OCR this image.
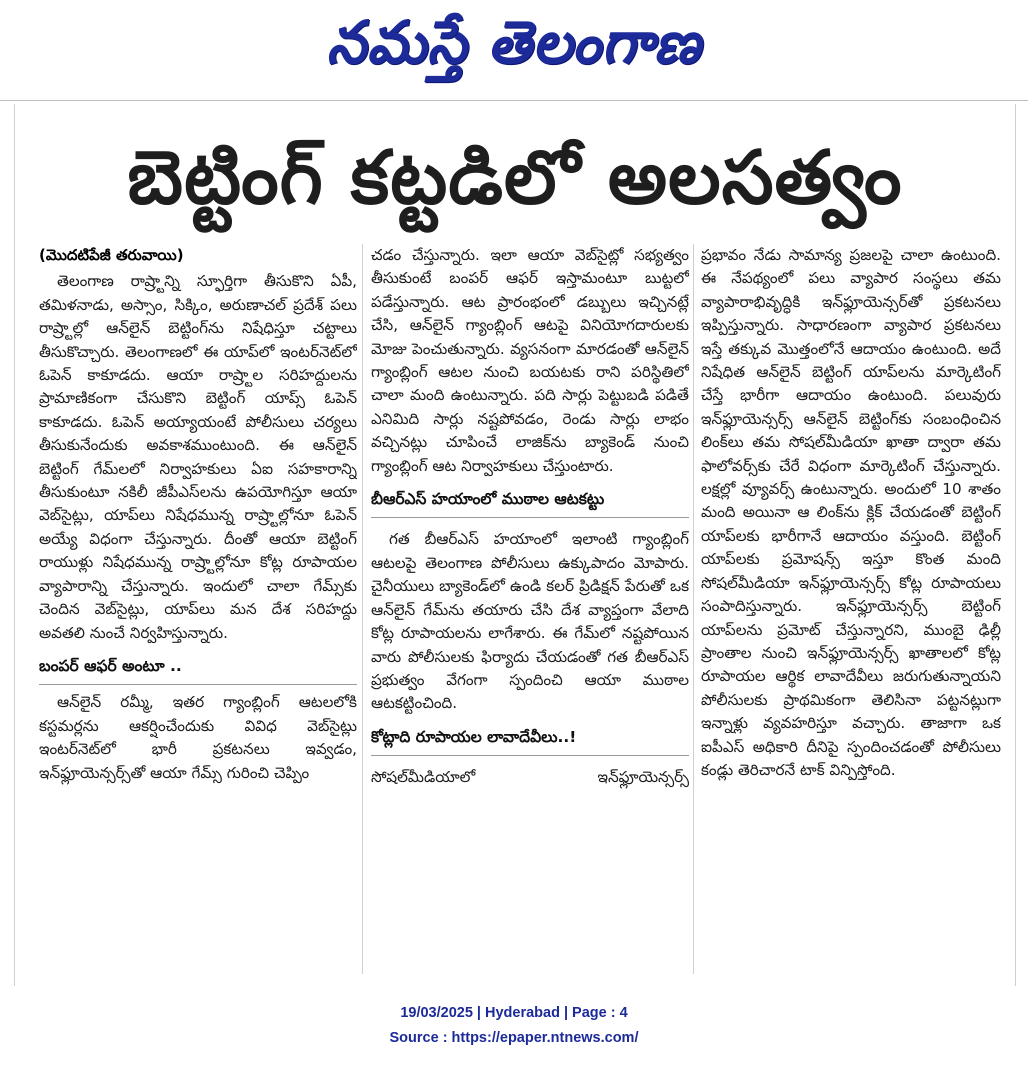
నమస్తే తెలంగాణ
బెట్టింగ్ కట్టడిలో అలసత్వం
(మొదటిపేజీ తరువాయి)

తెలంగాణ రాష్ర్టాన్ని స్ఫూర్తిగా తీసుకొని ఏపీ, తమిళనాడు, అస్సాం, సిక్కిం, అరుణాచల్ ప్రదేశ్ పలు రాష్ర్టాల్లో ఆన్‌లైన్ బెట్టింగ్‌ను నిషేధిస్తూ చట్టాలు తీసుకొచ్చారు. తెలంగాణలో ఈ యాప్‌లో ఇంటర్‌నెట్‌లో ఓపెన్ కాకూడదు. ఆయా రాష్ర్టాల సరిహద్దులను ప్రామాణికంగా చేసుకొని బెట్టింగ్ యాప్స్ ఓపెన్ కాకూడదు. ఓపెన్ అయ్యాయంటే పోలీసులు చర్యలు తీసుకునేందుకు అవకాశముంటుంది. ఈ ఆన్‌లైన్ బెట్టింగ్ గేమ్‌లలో నిర్వాహకులు ఏఐ సహకారాన్ని తీసుకుంటూ నకిలీ జీపీఎస్‌లను ఉపయోగిస్తూ ఆయా వెబ్‌సైట్లు, యాప్‌లు నిషేధమున్న రాష్ర్టాల్లోనూ ఓపెన్ అయ్యే విధంగా చేస్తున్నారు. దీంతో ఆయా బెట్టింగ్ రాయుళ్లు నిషేధమున్న రాష్ర్టాల్లోనూ కోట్ల రూపాయల వ్యాపారాన్ని చేస్తున్నారు. ఇందులో చాలా గేమ్స్‌కు చెందిన వెబ్‌సైట్లు, యాప్‌లు మన దేశ సరిహద్దు అవతలి నుంచే నిర్వహిస్తున్నారు.

బంపర్ ఆఫర్ అంటూ ..

ఆన్‌లైన్ రమ్మీ, ఇతర గ్యాంబ్లింగ్ ఆటలలోకి కస్టమర్లను ఆకర్షించేందుకు వివిధ వెబ్‌సైట్లు ఇంటర్‌నెట్‌లో భారీ ప్రకటనలు ఇవ్వడం, ఇన్‌ఫ్లూయెన్సర్స్‌తో ఆయా గేమ్స్ గురించి చెప్పిం

చడం చేస్తున్నారు. ఇలా ఆయా వెబ్‌సైట్లో సభ్యత్వం తీసుకుంటే బంపర్ ఆఫర్ ఇస్తామంటూ బుట్టలో పడేస్తున్నారు. ఆట ప్రారంభంలో డబ్బులు ఇచ్చినట్లే చేసి, ఆన్‌లైన్ గ్యాంబ్లింగ్ ఆటపై వినియోగదారులకు మోజు పెంచుతున్నారు. వ్యసనంగా మారడంతో ఆన్‌లైన్ గ్యాంబ్లింగ్ ఆటల నుంచి బయటకు రాని పరిస్థితిలో చాలా మంది ఉంటున్నారు. పది సార్లు పెట్టుబడి పడితే ఎనిమిది సార్లు నష్టపోవడం, రెండు సార్లు లాభం వచ్చినట్లు చూపించే లాజిక్‌ను బ్యాకెండ్ నుంచి గ్యాంబ్లింగ్ ఆట నిర్వాహకులు చేస్తుంటారు.

బీఆర్ఎస్ హయాంలో ముఠాల ఆటకట్టు

గత బీఆర్ఎస్ హయాంలో ఇలాంటి గ్యాంబ్లింగ్ ఆటలపై తెలంగాణ పోలీసులు ఉక్కుపాదం మోపారు. చైనీయులు బ్యాకెండ్‌లో ఉండి కలర్ ప్రిడిక్షన్ పేరుతో ఒక ఆన్‌లైన్ గేమ్‌ను తయారు చేసి దేశ వ్యాప్తంగా వేలాది కోట్ల రూపాయలను లాగేశారు. ఈ గేమ్‌లో నష్టపోయిన వారు పోలీసులకు ఫిర్యాదు చేయడంతో గత బీఆర్ఎస్ ప్రభుత్వం వేగంగా స్పందించి ఆయా ముఠాల ఆటకట్టించింది.

కోట్లాది రూపాయల లావాదేవీలు..!

సోషల్‌మీడియాలో	ఇన్‌ఫ్లూయెన్సర్స్

ప్రభావం నేడు సామాన్య ప్రజలపై చాలా ఉంటుంది. ఈ నేపథ్యంలో పలు వ్యాపార సంస్థలు తమ వ్యాపారాభివృద్ధికి ఇన్‌ఫ్లూయెన్సర్‌తో ప్రకటనలు ఇప్పిస్తున్నారు. సాధారణంగా వ్యాపార ప్రకటనలు ఇస్తే తక్కువ మొత్తంలోనే ఆదాయం ఉంటుంది. అదే నిషేధిత ఆన్‌లైన్ బెట్టింగ్ యాప్‌లను మార్కెటింగ్ చేస్తే భారీగా ఆదాయం ఉంటుంది. పలువురు ఇన్‌ఫ్లూయెన్సర్స్ ఆన్‌లైన్ బెట్టింగ్‌కు సంబంధించిన లింక్‌లు తమ సోషల్‌మీడియా ఖాతా ద్వారా తమ ఫాలోవర్స్‌కు చేరే విధంగా మార్కెటింగ్ చేస్తున్నారు. లక్షల్లో వ్యూవర్స్ ఉంటున్నారు. అందులో 10 శాతం మంది అయినా ఆ లింక్‌ను క్లిక్ చేయడంతో బెట్టింగ్ యాప్‌లకు భారీగానే ఆదాయం వస్తుంది. బెట్టింగ్ యాప్‌లకు ప్రమోషన్స్ ఇస్తూ కొంత మంది సోషల్‌మీడియా ఇన్‌ఫ్లూయెన్సర్స్ కోట్ల రూపాయలు సంపాదిస్తున్నారు. ఇన్‌ఫ్లూయెన్సర్స్ బెట్టింగ్ యాప్‌లను ప్రమోట్ చేస్తున్నారని, ముంబై ఢిల్లీ ప్రాంతాల నుంచి ఇన్‌ఫ్లూయెన్సర్స్ ఖాతాలలో కోట్ల రూపాయల ఆర్థిక లావాదేవీలు జరుగుతున్నాయని పోలీసులకు ప్రాథమికంగా తెలిసినా పట్టనట్లుగా ఇన్నాళ్లు వ్యవహరిస్తూ వచ్చారు. తాజాగా ఒక ఐపీఎస్ అధికారి దీనిపై స్పందించడంతో పోలీసులు కండ్లు తెరిచారనే టాక్ విన్పిస్తోంది.

19/03/2025 | Hyderabad | Page : 4
Source : https://epaper.ntnews.com/
